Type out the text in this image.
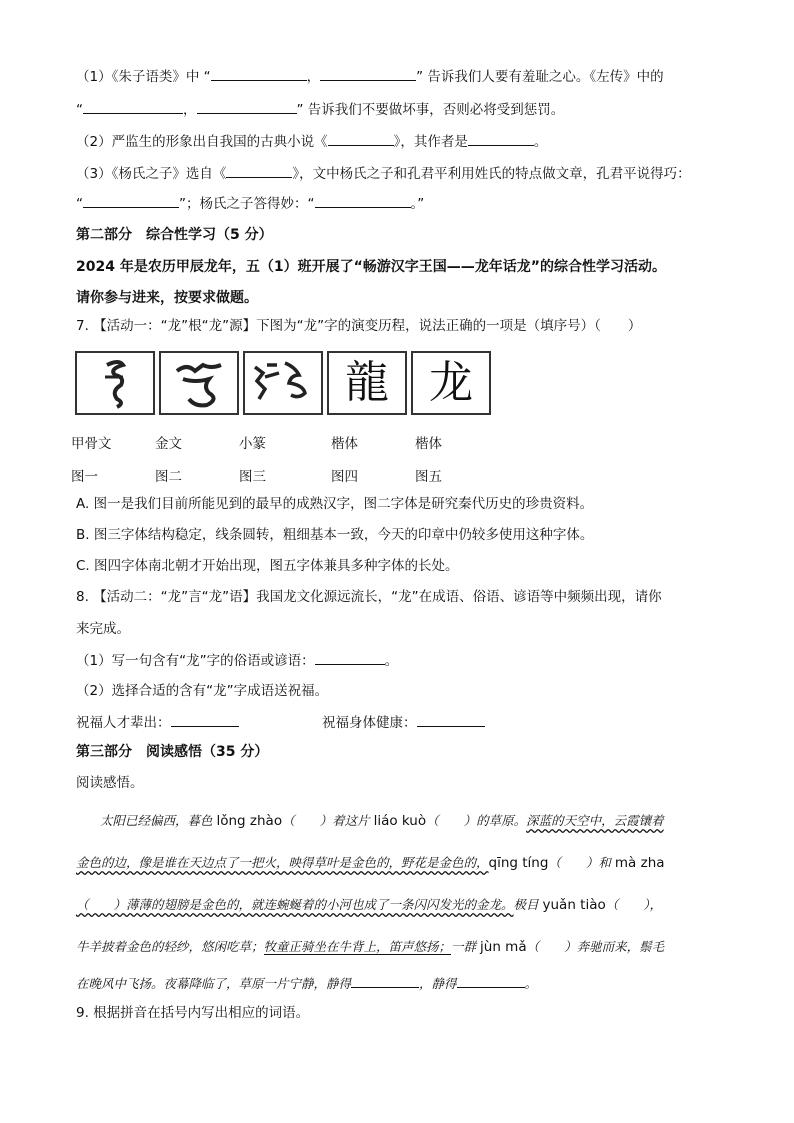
（1）《朱子语类》中 “	，	” 告诉我们人要有羞耻之心。《左传》中的
“	，	” 告诉我们不要做坏事，否则必将受到惩罚。
（2）严监生的形象出自我国的古典小说《	》，其作者是	。
（3）《杨氏之子》选自《	》，文中杨氏之子和孔君平利用姓氏的特点做文章，孔君平说得巧：
“	”；杨氏之子答得妙：“	。”
第二部分　综合性学习（5 分）
2024 年是农历甲辰龙年，五（1）班开展了“畅游汉字王国——龙年话龙”的综合性学习活动。
请你参与进来，按要求做题。
7. 【活动一：“龙”根“龙”源】下图为“龙”字的演变历程，说法正确的一项是（填序号）（　　）
龍 龙
甲骨文	金文	小篆	楷体	楷体
图一	图二	图三	图四	图五
A. 图一是我们目前所能见到的最早的成熟汉字，图二字体是研究秦代历史的珍贵资料。
B. 图三字体结构稳定，线条圆转，粗细基本一致，今天的印章中仍较多使用这种字体。
C. 图四字体南北朝才开始出现，图五字体兼具多种字体的长处。
8. 【活动二：“龙”言“龙”语】我国龙文化源远流长，“龙”在成语、俗语、谚语等中频频出现，请你
来完成。
（1）写一句含有“龙”字的俗语或谚语：	。
（2）选择合适的含有“龙”字成语送祝福。
祝福人才辈出：	祝福身体健康：
第三部分　阅读感悟（35 分）
阅读感悟。
太阳已经偏西，暮色 lǒng zhào（　　）着这片 liáo kuò（　　）的草原。深蓝的天空中，云霞镶着
金色的边，像是谁在天边点了一把火，映得草叶是金色的，野花是金色的，qīng tíng（　　）和 mà zha
（　　）薄薄的翅膀是金色的，就连蜿蜒着的小河也成了一条闪闪发光的金龙。极目 yuǎn tiào（　　），
牛羊披着金色的轻纱，悠闲吃草；牧童正骑坐在牛背上，笛声悠扬；一群 jùn mǎ（　　）奔驰而来，鬃毛
在晚风中飞扬。夜幕降临了，草原一片宁静，静得	，静得	。
9. 根据拼音在括号内写出相应的词语。
